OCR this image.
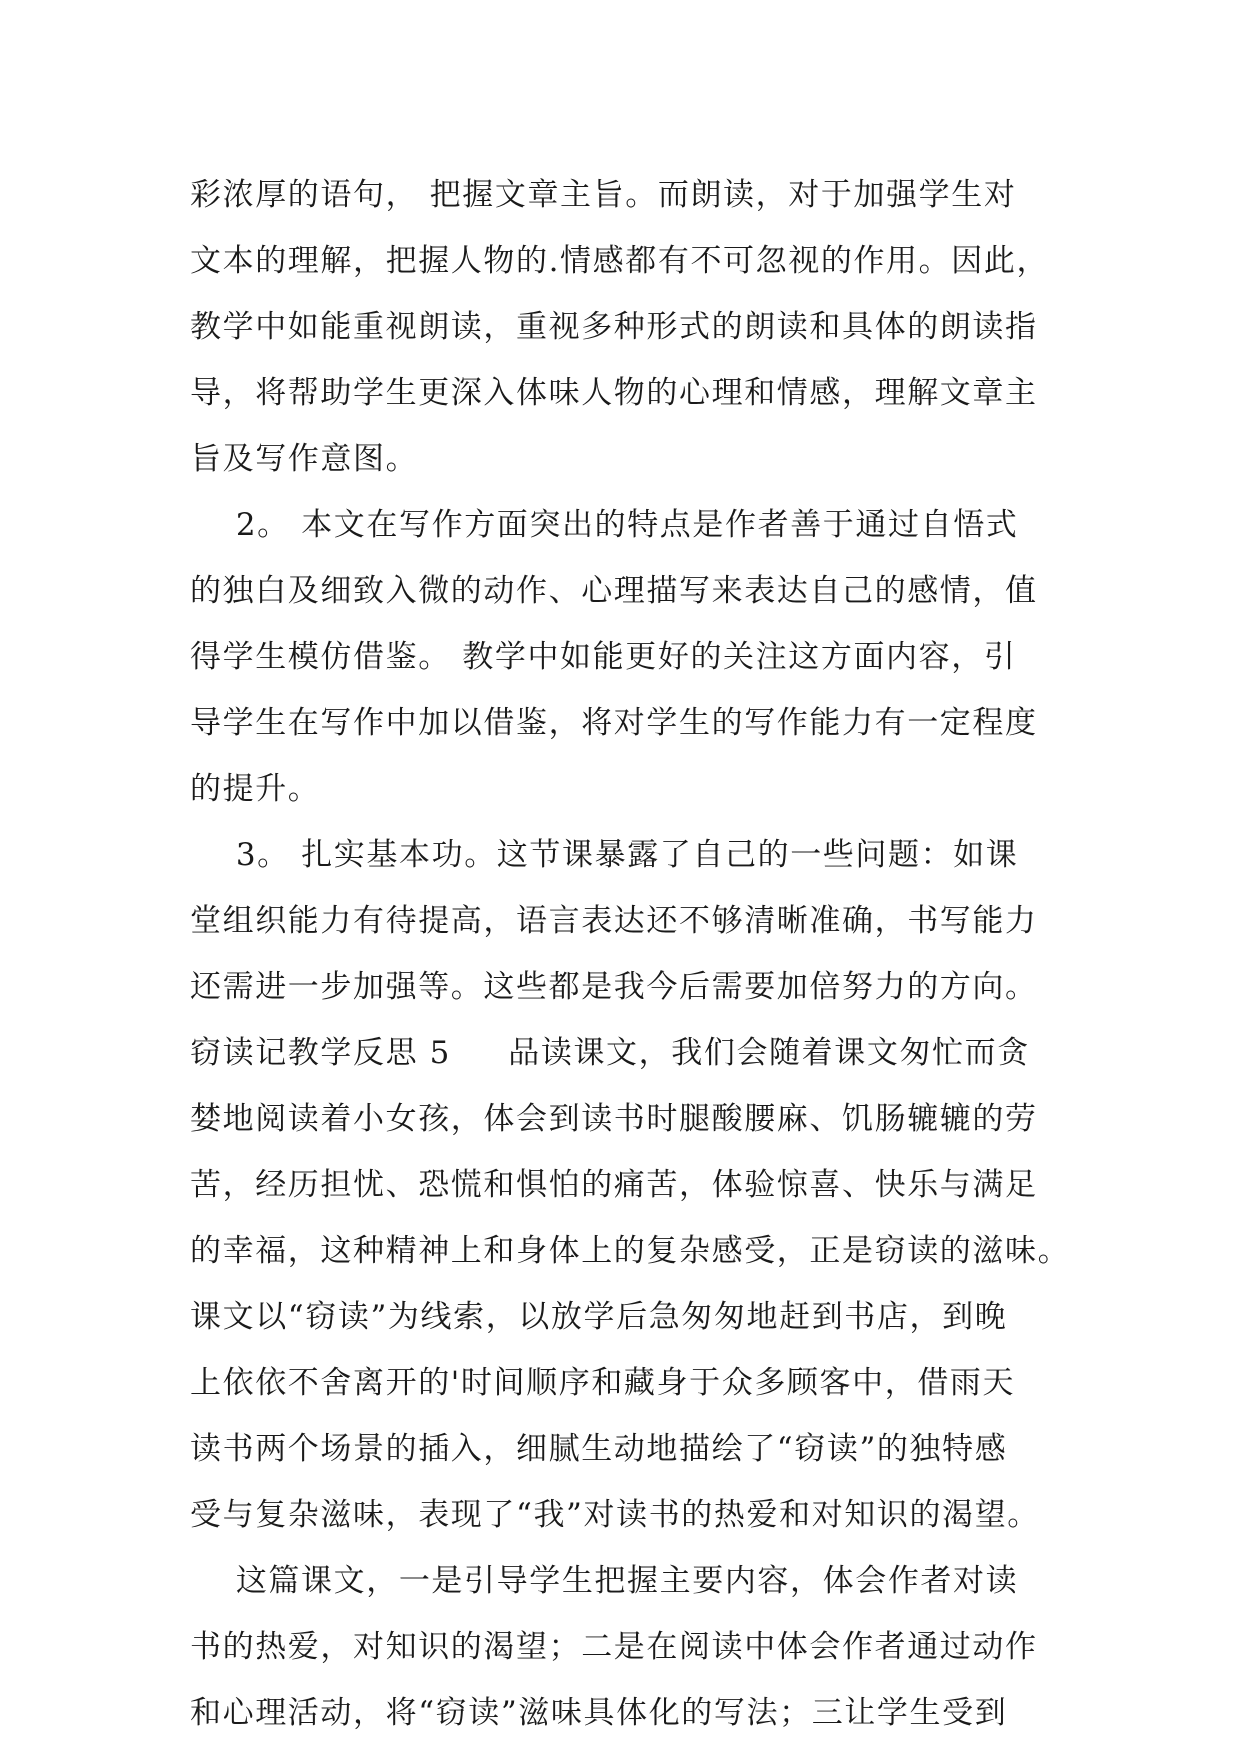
彩浓厚的语句， 把握文章主旨。而朗读，对于加强学生对
文本的理解，把握人物的.情感都有不可忽视的作用。因此，
教学中如能重视朗读，重视多种形式的朗读和具体的朗读指
导，将帮助学生更深入体味人物的心理和情感，理解文章主
旨及写作意图。
2。 本文在写作方面突出的特点是作者善于通过自悟式
的独白及细致入微的动作、心理描写来表达自己的感情，值
得学生模仿借鉴。 教学中如能更好的关注这方面内容，引
导学生在写作中加以借鉴，将对学生的写作能力有一定程度
的提升。
3。 扎实基本功。这节课暴露了自己的一些问题：如课
堂组织能力有待提高，语言表达还不够清晰准确，书写能力
还需进一步加强等。这些都是我今后需要加倍努力的方向。
窃读记教学反思 5     品读课文，我们会随着课文匆忙而贪
婪地阅读着小女孩，体会到读书时腿酸腰麻、饥肠辘辘的劳
苦，经历担忧、恐慌和惧怕的痛苦，体验惊喜、快乐与满足
的幸福，这种精神上和身体上的复杂感受，正是窃读的滋味。
课文以“窃读”为线索，以放学后急匆匆地赶到书店，到晚
上依依不舍离开的'时间顺序和藏身于众多顾客中，借雨天
读书两个场景的插入，细腻生动地描绘了“窃读”的独特感
受与复杂滋味，表现了“我”对读书的热爱和对知识的渴望。
这篇课文，一是引导学生把握主要内容，体会作者对读
书的热爱，对知识的渴望；二是在阅读中体会作者通过动作
和心理活动，将“窃读”滋味具体化的写法；三让学生受到
